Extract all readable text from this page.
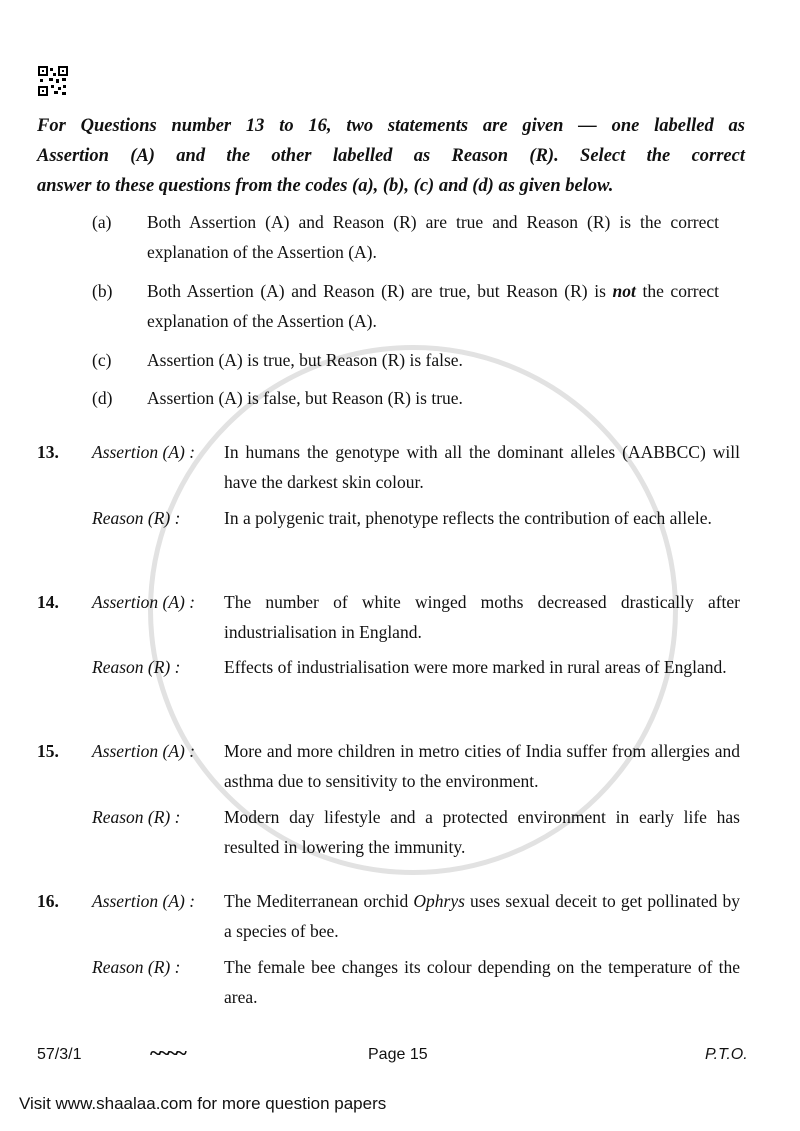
For Questions number 13 to 16, two statements are given — one labelled as
Assertion (A) and the other labelled as Reason (R). Select the correct
answer to these questions from the codes (a), (b), (c) and (d) as given below.
(a) Both Assertion (A) and Reason (R) are true and Reason (R) is the correct explanation of the Assertion (A).
(b) Both Assertion (A) and Reason (R) are true, but Reason (R) is not the correct explanation of the Assertion (A).
(c) Assertion (A) is true, but Reason (R) is false.
(d) Assertion (A) is false, but Reason (R) is true.
13. Assertion (A) : In humans the genotype with all the dominant alleles (AABBCC) will have the darkest skin colour.
Reason (R) : In a polygenic trait, phenotype reflects the contribution of each allele.
14. Assertion (A) : The number of white winged moths decreased drastically after industrialisation in England.
Reason (R) : Effects of industrialisation were more marked in rural areas of England.
15. Assertion (A) : More and more children in metro cities of India suffer from allergies and asthma due to sensitivity to the environment.
Reason (R) : Modern day lifestyle and a protected environment in early life has resulted in lowering the immunity.
16. Assertion (A) : The Mediterranean orchid Ophrys uses sexual deceit to get pollinated by a species of bee.
Reason (R) : The female bee changes its colour depending on the temperature of the area.
57/3/1	~~~~	Page 15	P.T.O.
Visit www.shaalaa.com for more question papers
